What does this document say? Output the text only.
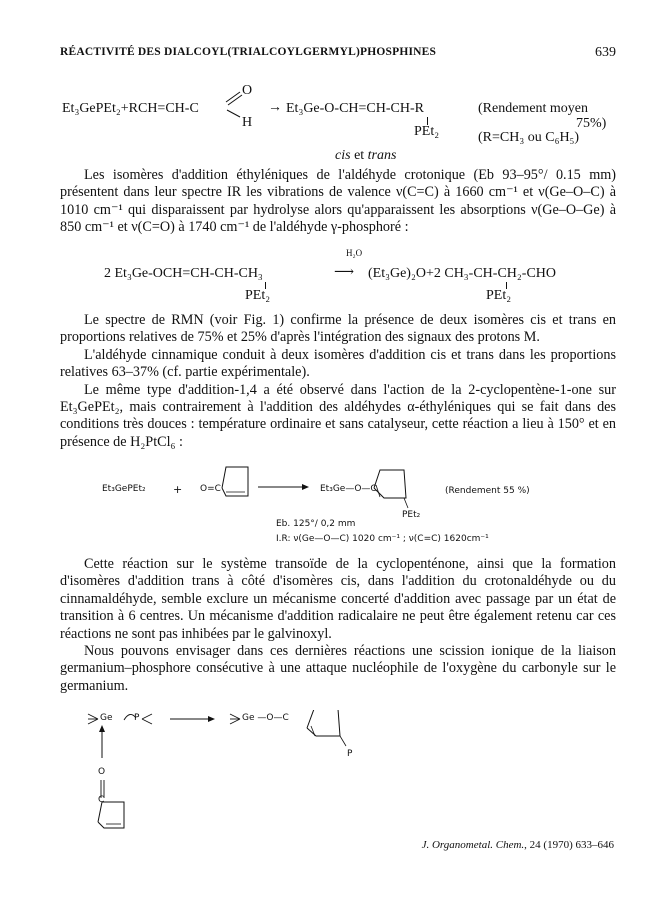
RÉACTIVITÉ DES DIALCOYL(TRIALCOYLGERMYL)PHOSPHINES	639
Et₃GePEt₂+RCH=CH-C
O
H
→ Et₃Ge-O-CH=CH-CH-R
PEt₂
(Rendement moyen
75%)
(R=CH₃ ou C₆H₅)
cis et trans

Les isomères d'addition éthyléniques de l'aldéhyde crotonique (Eb 93–95°/ 0.15 mm) présentent dans leur spectre IR les vibrations de valence ν(C=C) à 1660 cm⁻¹ et ν(Ge–O–C) à 1010 cm⁻¹ qui disparaissent par hydrolyse alors qu'apparaissent les absorptions ν(Ge–O–Ge) à 850 cm⁻¹ et ν(C=O) à 1740 cm⁻¹ de l'aldéhyde γ-phosphoré :

2 Et₃Ge-OCH=CH-CH-CH₃
H₂O
⟶ (Et₃Ge)₂O+2 CH₃-CH-CH₂-CHO
PEt₂	PEt₂

Le spectre de RMN (voir Fig. 1) confirme la présence de deux isomères cis et trans en proportions relatives de 75% et 25% d'après l'intégration des signaux des protons M.

L'aldéhyde cinnamique conduit à deux isomères d'addition cis et trans dans les proportions relatives 63–37% (cf. partie expérimentale).

Le même type d'addition-1,4 a été observé dans l'action de la 2-cyclopentène-1-one sur Et₃GePEt₂, mais contrairement à l'addition des aldéhydes α-éthyléniques qui se fait dans des conditions très douces : température ordinaire et sans catalyseur, cette réaction a lieu à 150° et en présence de H₂PtCl₆ :

Et₃GePEt₂ + O=C	Et₃Ge—O—C
PEt₂
(Rendement 55 %)
Eb. 125°/ 0,2 mm
I.R: ν(Ge—O—C) 1020 cm⁻¹ ; ν(C=C) 1620cm⁻¹

Cette réaction sur le système transoïde de la cyclopenténone, ainsi que la formation d'isomères d'addition trans à côté d'isomères cis, dans l'addition du crotonaldéhyde ou du cinnamaldéhyde, semble exclure un mécanisme concerté d'addition avec passage par un état de transition à 6 centres. Un mécanisme d'addition radicalaire ne peut être également retenu car ces réactions ne sont pas inhibées par le galvinoxyl.

Nous pouvons envisager dans ces dernières réactions une scission ionique de la liaison germanium–phosphore consécutive à une attaque nucléophile de l'oxygène du carbonyle sur le germanium.

Ge P	Ge —O—C
O
C
P
J. Organometal. Chem., 24 (1970) 633–646
